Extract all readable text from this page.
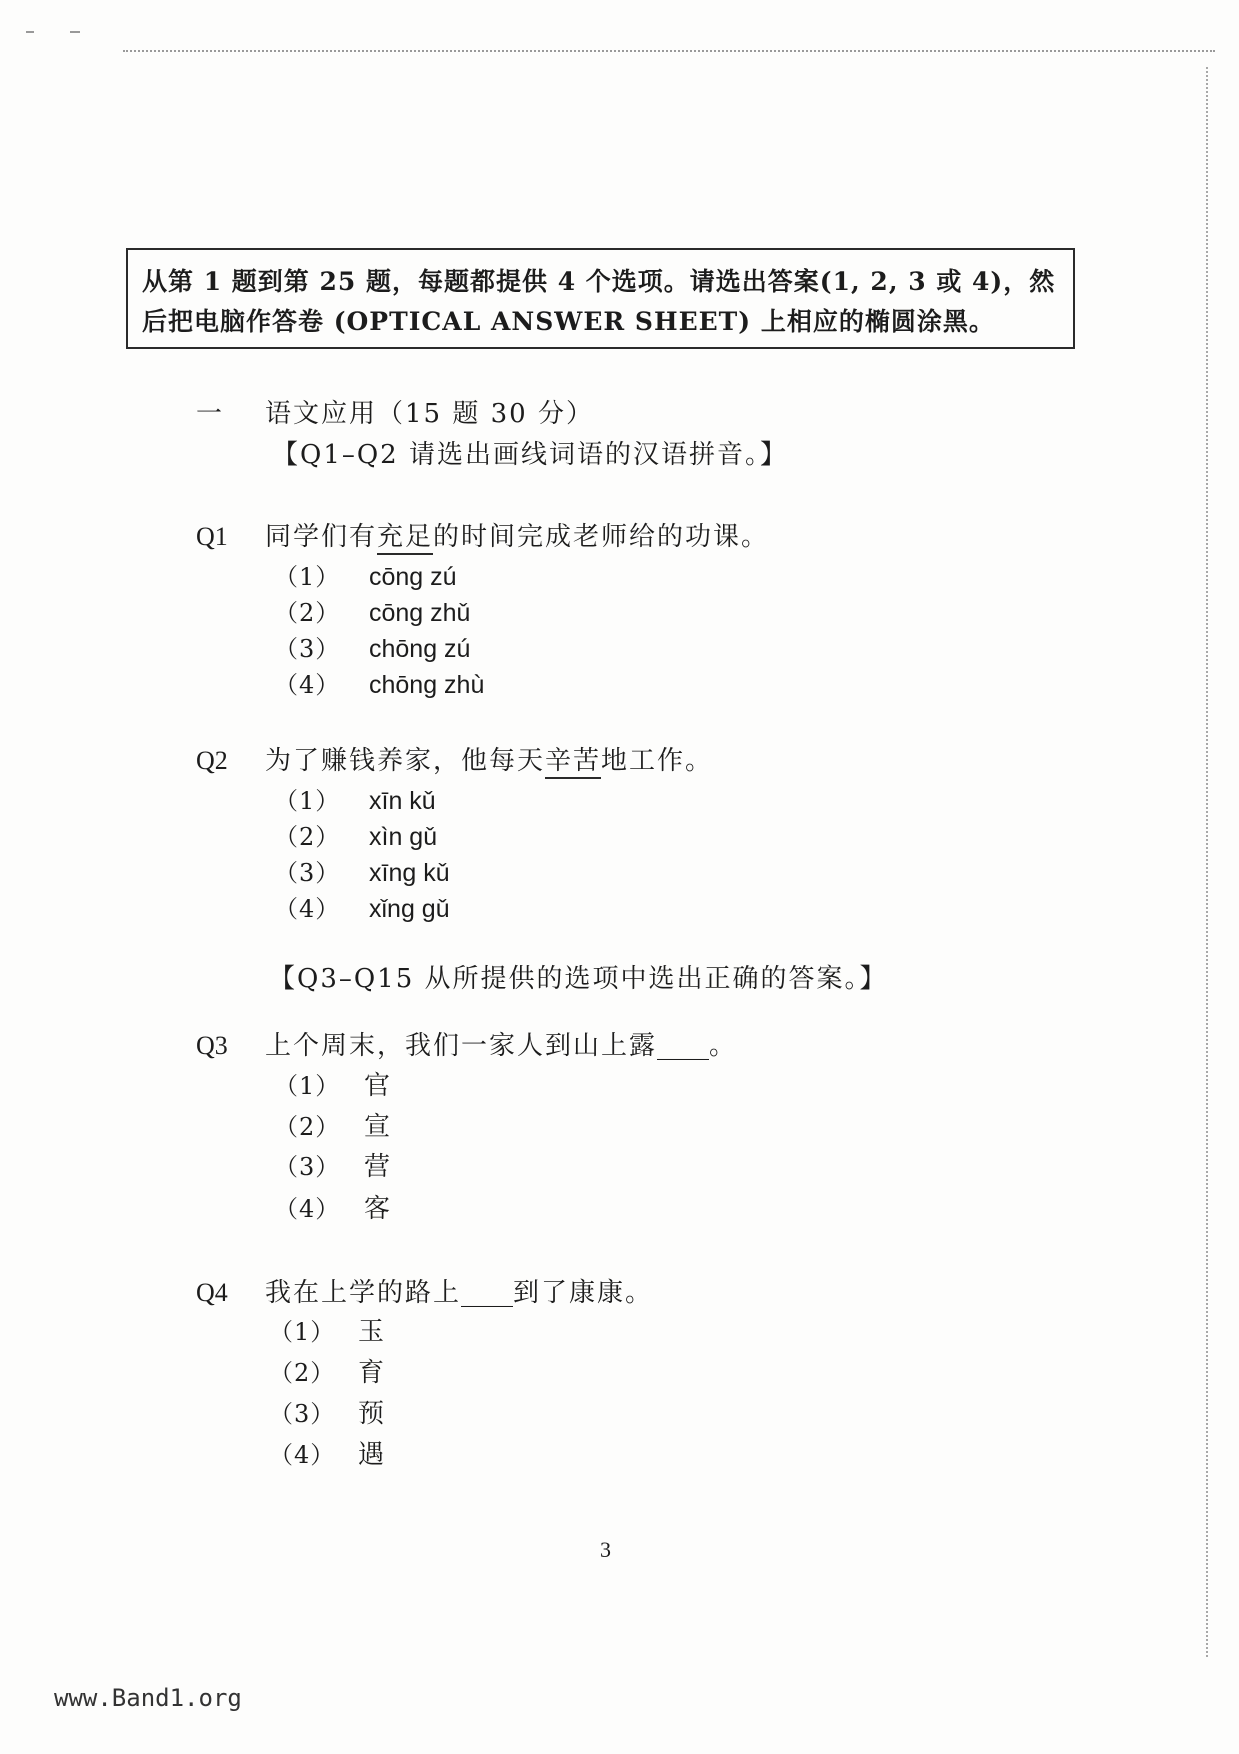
从第 1 题到第 25 题，每题都提供 4 个选项。请选出答案(1, 2, 3 或 4)，然
后把电脑作答卷 (OPTICAL ANSWER SHEET) 上相应的椭圆涂黑。
一 语文应用（15 题 30 分）
【Q1–Q2 请选出画线词语的汉语拼音。】
Q1 同学们有充足的时间完成老师给的功课。
（1） cōng zú
（2） cōng zhǔ
（3） chōng zú
（4） chōng zhù
Q2 为了赚钱养家，他每天辛苦地工作。
（1） xīn kǔ
（2） xìn gǔ
（3） xīng kǔ
（4） xǐng gǔ
【Q3–Q15 从所提供的选项中选出正确的答案。】
Q3 上个周末，我们一家人到山上露____。
（1） 官
（2） 宣
（3） 营
（4） 客
Q4 我在上学的路上____到了康康。
（1） 玉
（2） 育
（3） 预
（4） 遇
3
www.Band1.org
